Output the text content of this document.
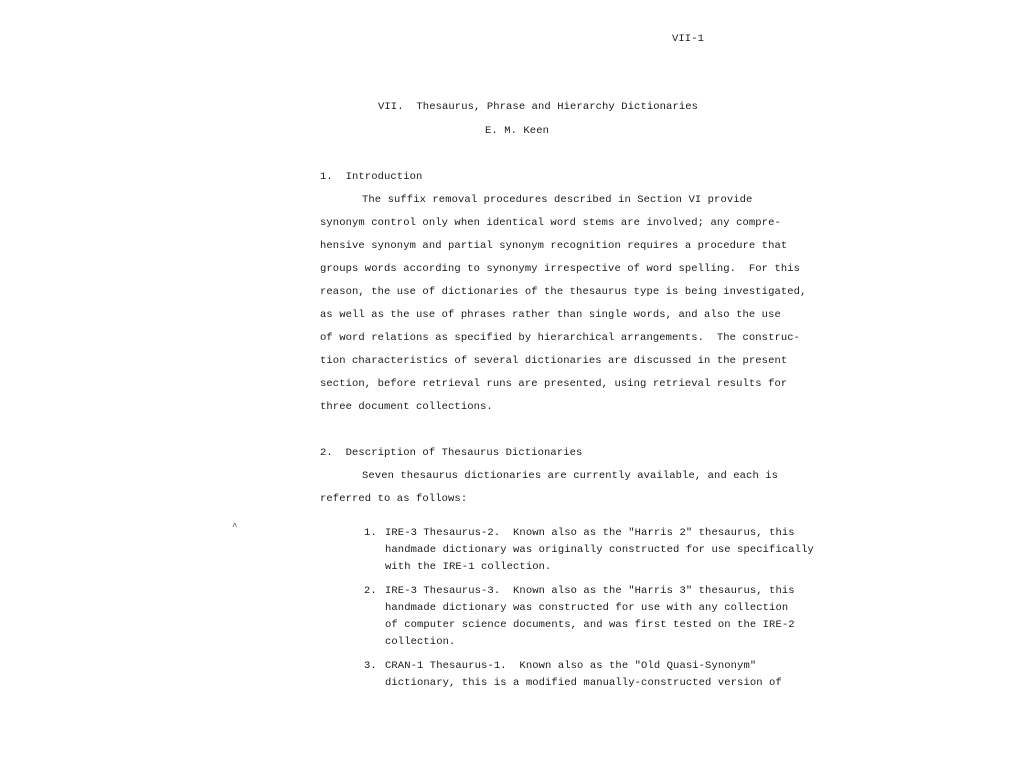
VII-1
VII.  Thesaurus, Phrase and Hierarchy Dictionaries
E. M. Keen
1.  Introduction
The suffix removal procedures described in Section VI provide
synonym control only when identical word stems are involved; any compre-
hensive synonym and partial synonym recognition requires a procedure that
groups words according to synonymy irrespective of word spelling.  For this
reason, the use of dictionaries of the thesaurus type is being investigated,
as well as the use of phrases rather than single words, and also the use
of word relations as specified by hierarchical arrangements.  The construc-
tion characteristics of several dictionaries are discussed in the present
section, before retrieval runs are presented, using retrieval results for
three document collections.
2.  Description of Thesaurus Dictionaries
Seven thesaurus dictionaries are currently available, and each is
referred to as follows:
^	1. IRE-3 Thesaurus-2.  Known also as the "Harris 2" thesaurus, this
handmade dictionary was originally constructed for use specifically
with the IRE-1 collection.
2. IRE-3 Thesaurus-3.  Known also as the "Harris 3" thesaurus, this
handmade dictionary was constructed for use with any collection
of computer science documents, and was first tested on the IRE-2
collection.
3. CRAN-1 Thesaurus-1.  Known also as the "Old Quasi-Synonym"
dictionary, this is a modified manually-constructed version of
